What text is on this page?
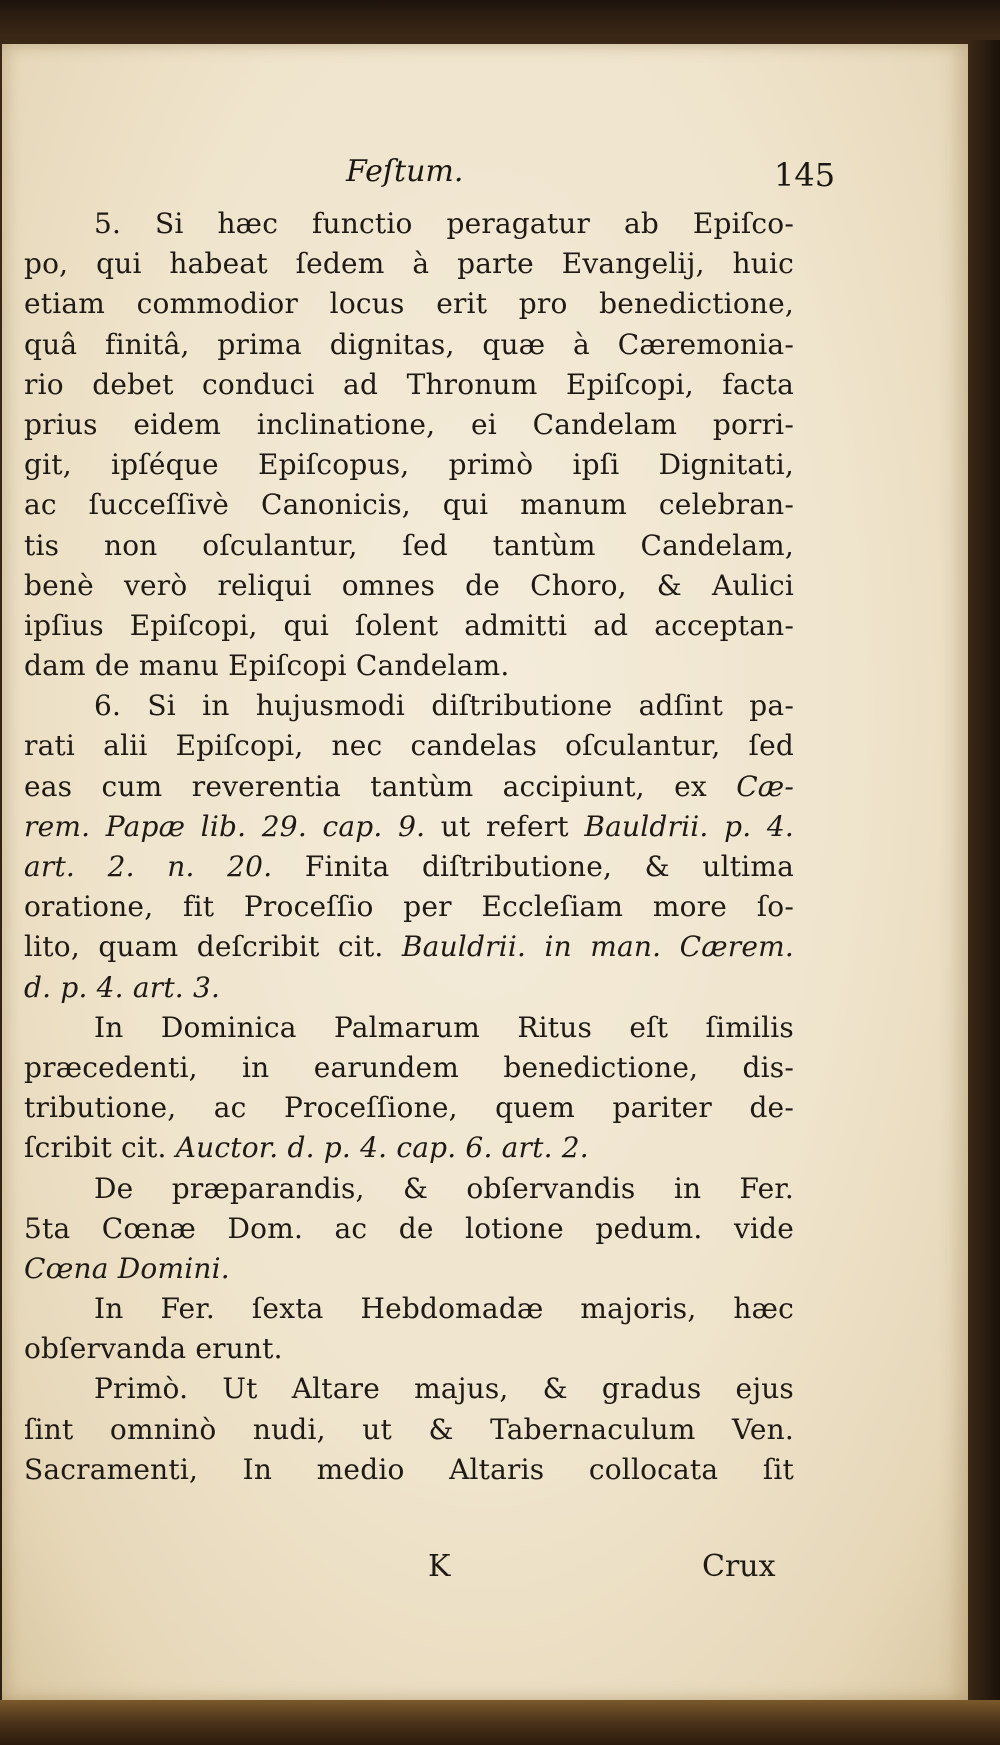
Feſtum.	145
5. Si hæc functio peragatur ab Epiſco-
po, qui habeat ſedem à parte Evangelij, huic
etiam commodior locus erit pro benedictione,
quâ finitâ, prima dignitas, quæ à Cæremonia-
rio debet conduci ad Thronum Epiſcopi, facta
prius eidem inclinatione, ei Candelam porri-
git, ipſéque Epiſcopus, primò ipſi Dignitati,
ac ſucceſſivè Canonicis, qui manum celebran-
tis non oſculantur, ſed tantùm Candelam,
benè verò reliqui omnes de Choro, & Aulici
ipſius Epiſcopi, qui ſolent admitti ad acceptan-
dam de manu Epiſcopi Candelam.
6. Si in hujusmodi diſtributione adſint pa-
rati alii Epiſcopi, nec candelas oſculantur, ſed
eas cum reverentia tantùm accipiunt, ex Cæ-
rem. Papæ lib. 29. cap. 9. ut refert Bauldrii. p. 4.
art. 2. n. 20. Finita diſtributione, & ultima
oratione, fit Proceſſio per Eccleſiam more ſo-
lito, quam deſcribit cit. Bauldrii. in man. Cærem.
d. p. 4. art. 3.
In Dominica Palmarum Ritus eſt ſimilis
præcedenti, in earundem benedictione, dis-
tributione, ac Proceſſione, quem pariter de-
ſcribit cit. Auctor. d. p. 4. cap. 6. art. 2.
De præparandis, & obſervandis in Fer.
5ta Cœnæ Dom. ac de lotione pedum. vide
Cœna Domini.
In Fer. ſexta Hebdomadæ majoris, hæc
obſervanda erunt.
Primò. Ut Altare majus, & gradus ejus
ſint omninò nudi, ut & Tabernaculum Ven.
Sacramenti, In medio Altaris collocata ſit
K	Crux
